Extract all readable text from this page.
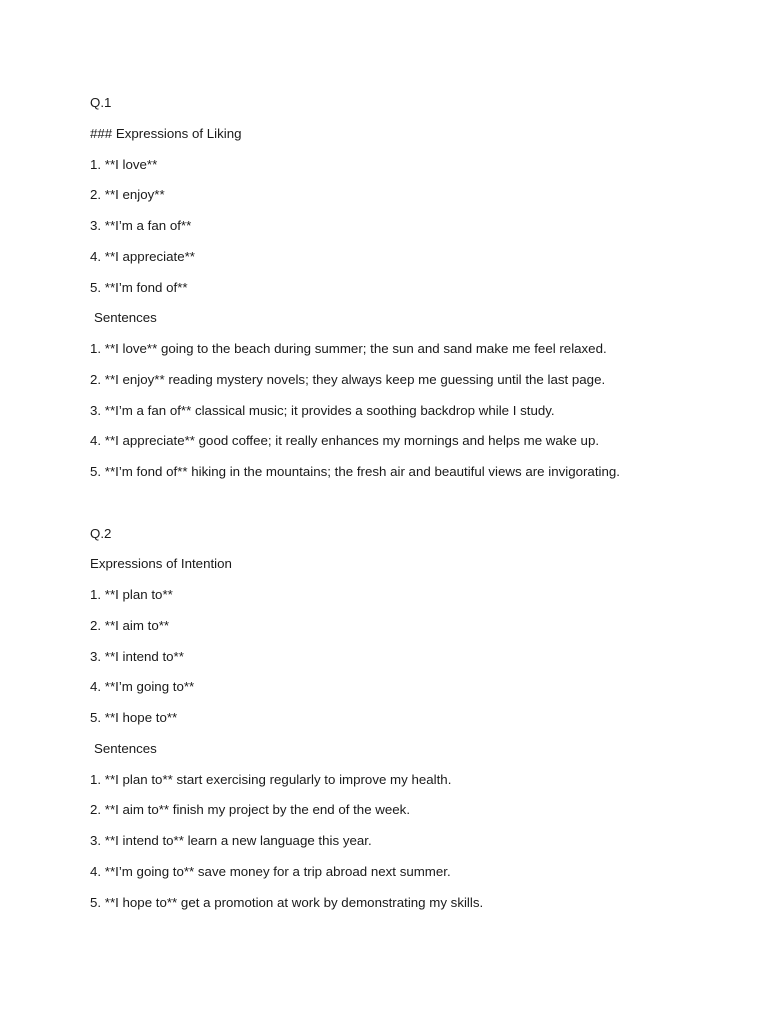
Q.1
### Expressions of Liking
1. **I love**
2. **I enjoy**
3. **I’m a fan of**
4. **I appreciate**
5. **I’m fond of**
Sentences
1. **I love** going to the beach during summer; the sun and sand make me feel relaxed.
2. **I enjoy** reading mystery novels; they always keep me guessing until the last page.
3. **I’m a fan of** classical music; it provides a soothing backdrop while I study.
4. **I appreciate** good coffee; it really enhances my mornings and helps me wake up.
5. **I’m fond of** hiking in the mountains; the fresh air and beautiful views are invigorating.
Q.2
Expressions of Intention
1. **I plan to**
2. **I aim to**
3. **I intend to**
4. **I’m going to**
5. **I hope to**
Sentences
1. **I plan to** start exercising regularly to improve my health.
2. **I aim to** finish my project by the end of the week.
3. **I intend to** learn a new language this year.
4. **I’m going to** save money for a trip abroad next summer.
5. **I hope to** get a promotion at work by demonstrating my skills.
